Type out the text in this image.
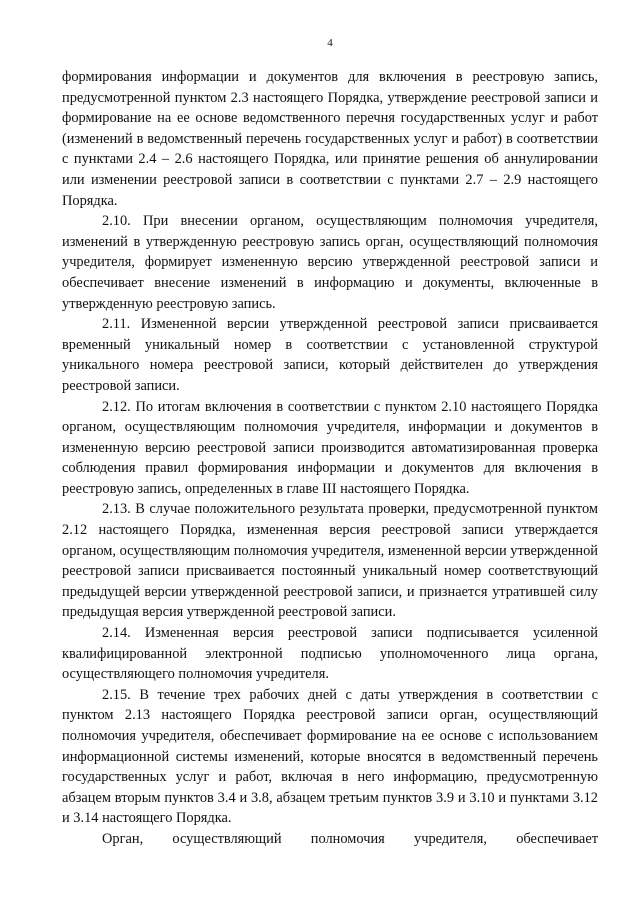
4

формирования информации и документов для включения в реестровую запись, предусмотренной пунктом 2.3 настоящего Порядка, утверждение реестровой записи и формирование на ее основе ведомственного перечня государственных услуг и работ (изменений в ведомственный перечень государственных услуг и работ) в соответствии с пунктами 2.4 – 2.6 настоящего Порядка, или принятие решения об аннулировании или изменении реестровой записи в соответствии с пунктами 2.7 – 2.9 настоящего Порядка.

2.10. При внесении органом, осуществляющим полномочия учредителя, изменений в утвержденную реестровую запись орган, осуществляющий полномочия учредителя, формирует измененную версию утвержденной реестровой записи и обеспечивает внесение изменений в информацию и документы, включенные в утвержденную реестровую запись.

2.11. Измененной версии утвержденной реестровой записи присваивается временный уникальный номер в соответствии с установленной структурой уникального номера реестровой записи, который действителен до утверждения реестровой записи.

2.12. По итогам включения в соответствии с пунктом 2.10 настоящего Порядка органом, осуществляющим полномочия учредителя, информации и документов в измененную версию реестровой записи производится автоматизированная проверка соблюдения правил формирования информации и документов для включения в реестровую запись, определенных в главе III настоящего Порядка.

2.13. В случае положительного результата проверки, предусмотренной пунктом 2.12 настоящего Порядка, измененная версия реестровой записи утверждается органом, осуществляющим полномочия учредителя, измененной версии утвержденной реестровой записи присваивается постоянный уникальный номер соответствующий предыдущей версии утвержденной реестровой записи, и признается утратившей силу предыдущая версия утвержденной реестровой записи.

2.14. Измененная версия реестровой записи подписывается усиленной квалифицированной электронной подписью уполномоченного лица органа, осуществляющего полномочия учредителя.

2.15. В течение трех рабочих дней с даты утверждения в соответствии с пунктом 2.13 настоящего Порядка реестровой записи орган, осуществляющий полномочия учредителя, обеспечивает формирование на ее основе с использованием информационной системы изменений, которые вносятся в ведомственный перечень государственных услуг и работ, включая в него информацию, предусмотренную абзацем вторым пунктов 3.4 и 3.8, абзацем третьим пунктов 3.9 и 3.10 и пунктами 3.12 и 3.14 настоящего Порядка.

Орган, осуществляющий полномочия учредителя, обеспечивает
